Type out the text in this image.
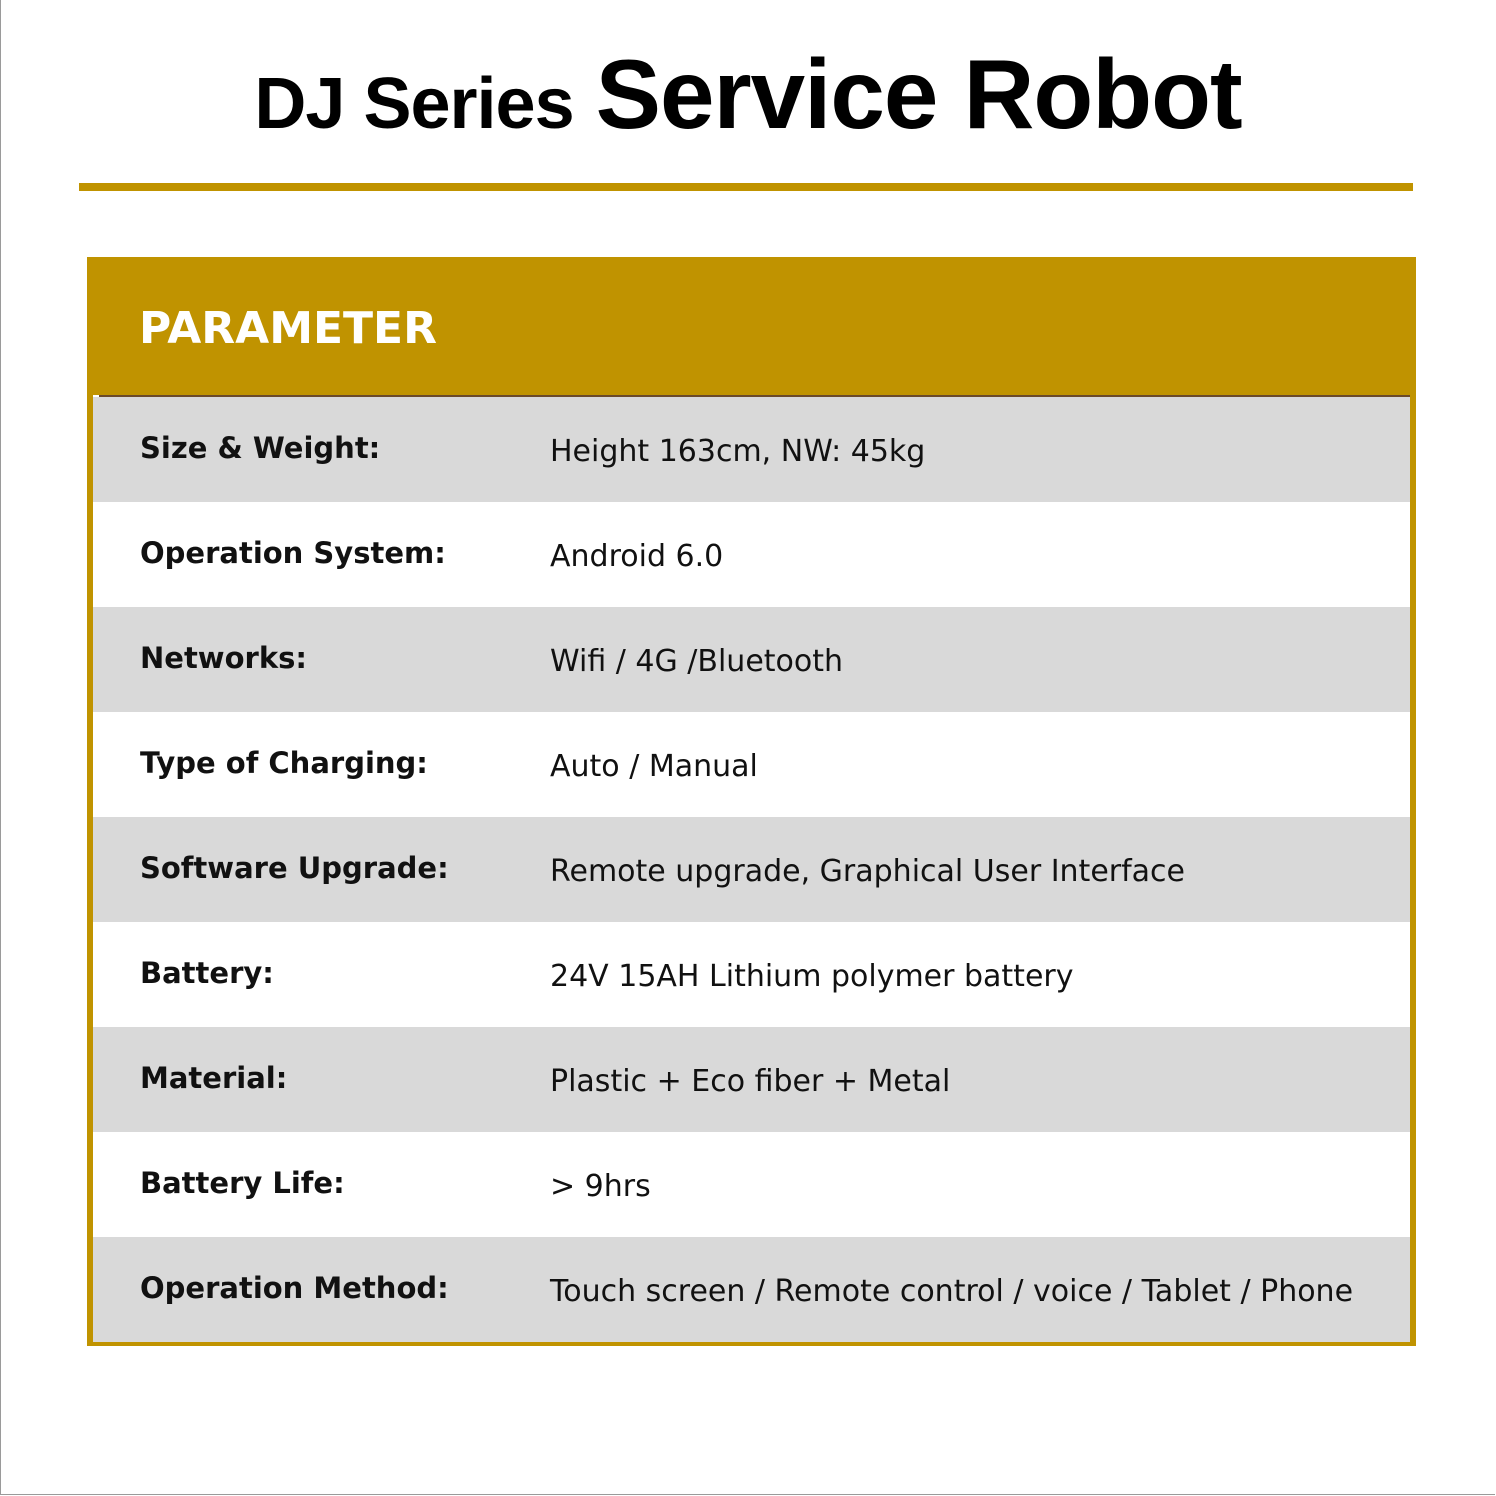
DJ Series Service Robot
PARAMETER
Size & Weight:	Height 163cm, NW: 45kg
Operation System:	Android 6.0
Networks:	Wifi / 4G /Bluetooth
Type of Charging:	Auto / Manual
Software Upgrade:	Remote upgrade, Graphical User Interface
Battery:	24V 15AH Lithium polymer battery
Material:	Plastic + Eco fiber + Metal
Battery Life:	> 9hrs
Operation Method:	Touch screen / Remote control / voice / Tablet / Phone
